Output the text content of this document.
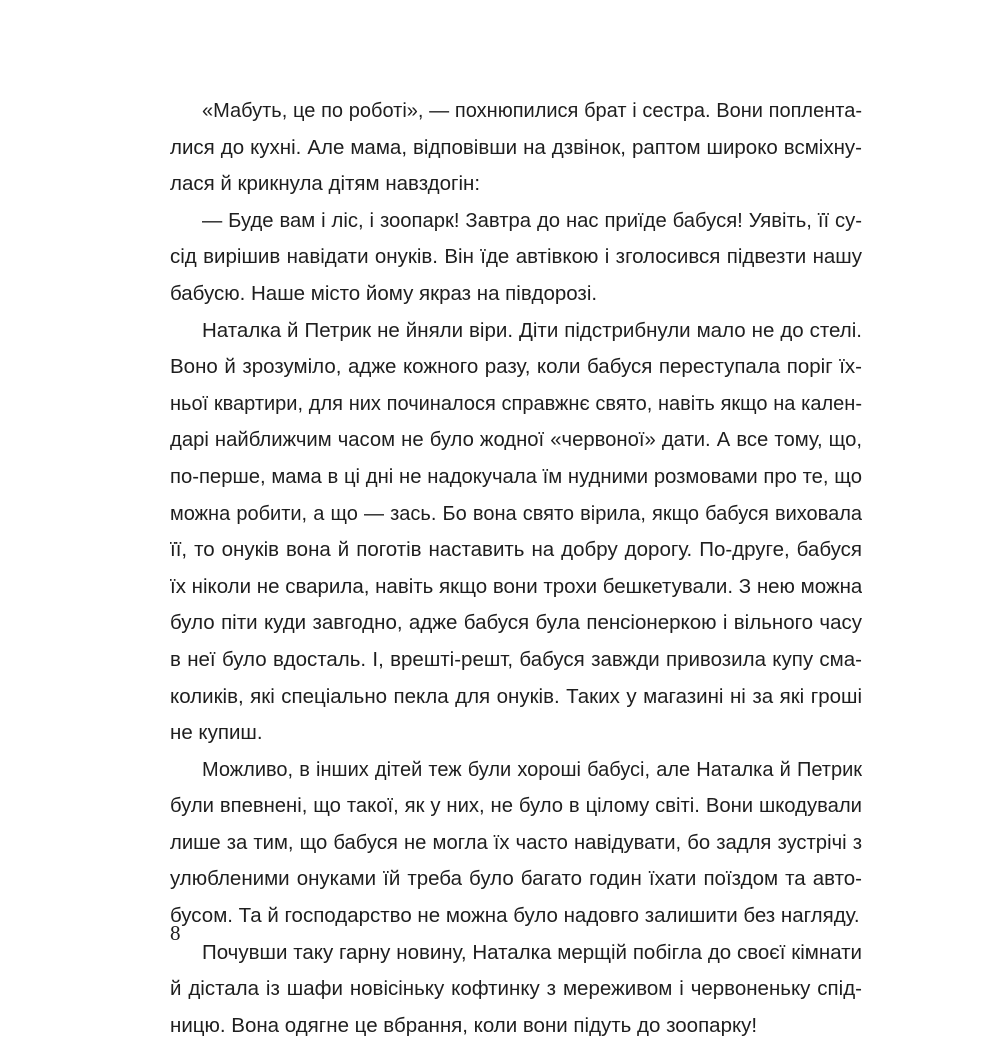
«Мабуть, це по роботі», — похнюпилися брат і сестра. Вони поплента-
лися до кухні. Але мама, відповівши на дзвінок, раптом широко всміхну-
лася й крикнула дітям навздогін:
— Буде вам і ліс, і зоопарк! Завтра до нас приїде бабуся! Уявіть, її су-
сід вирішив навідати онуків. Він їде автівкою і зголосився підвезти нашу
бабусю. Наше місто йому якраз на півдорозі.
Наталка й Петрик не йняли віри. Діти підстрибнули мало не до стелі.
Воно й зрозуміло, адже кожного разу, коли бабуся переступала поріг їх-
ньої квартири, для них починалося справжнє свято, навіть якщо на кален-
дарі найближчим часом не було жодної «червоної» дати. А все тому, що,
по-перше, мама в ці дні не надокучала їм нудними розмовами про те, що
можна робити, а що — зась. Бо вона свято вірила, якщо бабуся виховала
її, то онуків вона й поготів наставить на добру дорогу. По-друге, бабуся
їх ніколи не сварила, навіть якщо вони трохи бешкетували. З нею можна
було піти куди завгодно, адже бабуся була пенсіонеркою і вільного часу
в неї було вдосталь. І, врешті-решт, бабуся завжди привозила купу сма-
коликів, які спеціально пекла для онуків. Таких у магазині ні за які гроші
не купиш.
Можливо, в інших дітей теж були хороші бабусі, але Наталка й Петрик
були впевнені, що такої, як у них, не було в цілому світі. Вони шкодували
лише за тим, що бабуся не могла їх часто навідувати, бо задля зустрічі з
улюбленими онуками їй треба було багато годин їхати поїздом та авто-
бусом. Та й господарство не можна було надовго залишити без нагляду.
Почувши таку гарну новину, Наталка мерщій побігла до своєї кімнати
й дістала із шафи новісіньку кофтинку з мереживом і червоненьку спід-
ницю. Вона одягне це вбрання, коли вони підуть до зоопарку!
8
